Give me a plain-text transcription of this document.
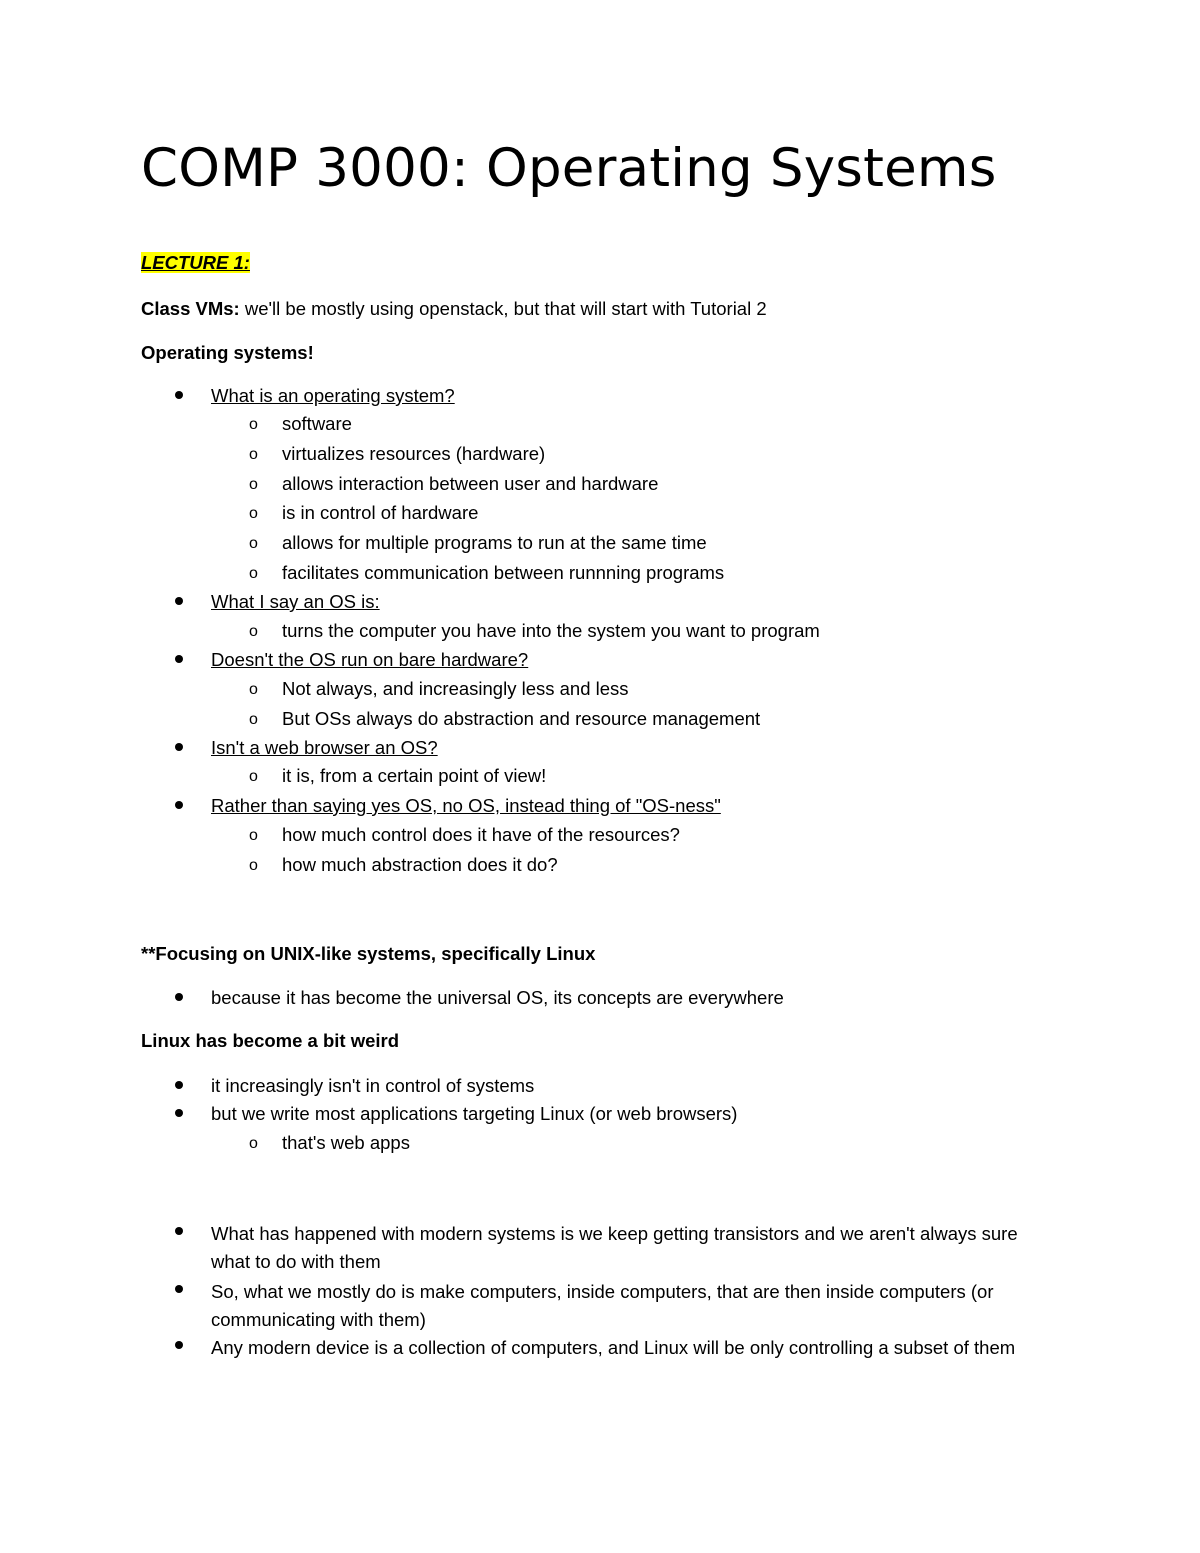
COMP 3000: Operating Systems
LECTURE 1:
Class VMs: we'll be mostly using openstack, but that will start with Tutorial 2
Operating systems!
What is an operating system?
o software
o virtualizes resources (hardware)
o allows interaction between user and hardware
o is in control of hardware
o allows for multiple programs to run at the same time
o facilitates communication between runnning programs
What I say an OS is:
o turns the computer you have into the system you want to program
Doesn't the OS run on bare hardware?
o Not always, and increasingly less and less
o But OSs always do abstraction and resource management
Isn't a web browser an OS?
o it is, from a certain point of view!
Rather than saying yes OS, no OS, instead thing of "OS-ness"
o how much control does it have of the resources?
o how much abstraction does it do?
**Focusing on UNIX-like systems, specifically Linux
because it has become the universal OS, its concepts are everywhere
Linux has become a bit weird
it increasingly isn't in control of systems
but we write most applications targeting Linux (or web browsers)
o that's web apps
What has happened with modern systems is we keep getting transistors and we aren't always sure what to do with them
So, what we mostly do is make computers, inside computers, that are then inside computers (or communicating with them)
Any modern device is a collection of computers, and Linux will be only controlling a subset of them
